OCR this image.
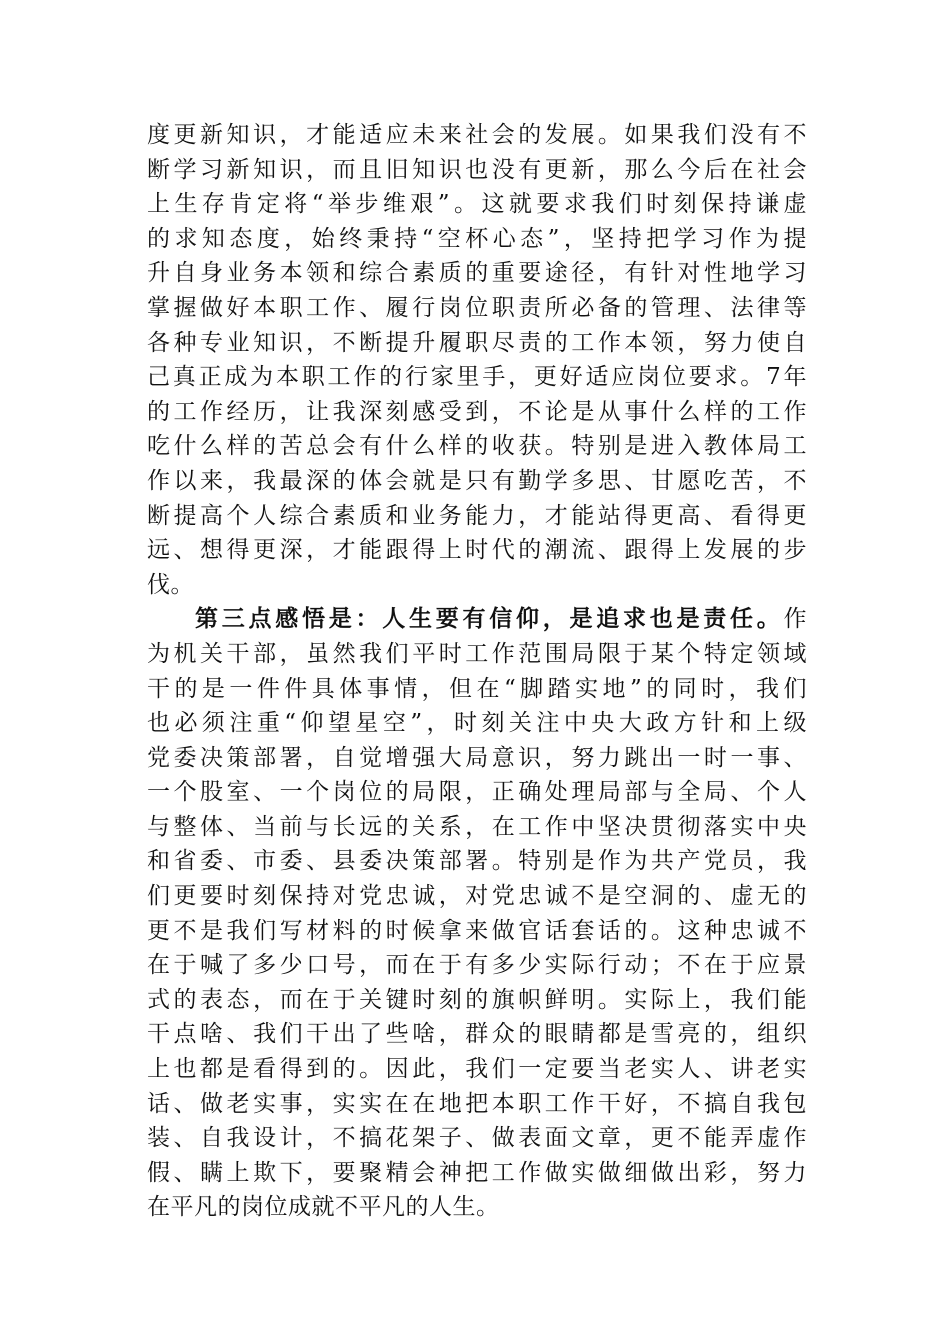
度更新知识，才能适应未来社会的发展。如果我们没有不
断学习新知识，而且旧知识也没有更新，那么今后在社会
上生存肯定将“举步维艰”。这就要求我们时刻保持谦虚
的求知态度，始终秉持“空杯心态”，坚持把学习作为提
升自身业务本领和综合素质的重要途径，有针对性地学习
掌握做好本职工作、履行岗位职责所必备的管理、法律等
各种专业知识，不断提升履职尽责的工作本领，努力使自
己真正成为本职工作的行家里手，更好适应岗位要求。7年
的工作经历，让我深刻感受到，不论是从事什么样的工作
吃什么样的苦总会有什么样的收获。特别是进入教体局工
作以来，我最深的体会就是只有勤学多思、甘愿吃苦，不
断提高个人综合素质和业务能力，才能站得更高、看得更
远、想得更深，才能跟得上时代的潮流、跟得上发展的步
伐。
第三点感悟是：人生要有信仰，是追求也是责任。作
为机关干部，虽然我们平时工作范围局限于某个特定领域
干的是一件件具体事情，但在“脚踏实地”的同时，我们
也必须注重“仰望星空”，时刻关注中央大政方针和上级
党委决策部署，自觉增强大局意识，努力跳出一时一事、
一个股室、一个岗位的局限，正确处理局部与全局、个人
与整体、当前与长远的关系，在工作中坚决贯彻落实中央
和省委、市委、县委决策部署。特别是作为共产党员，我
们更要时刻保持对党忠诚，对党忠诚不是空洞的、虚无的
更不是我们写材料的时候拿来做官话套话的。这种忠诚不
在于喊了多少口号，而在于有多少实际行动；不在于应景
式的表态，而在于关键时刻的旗帜鲜明。实际上，我们能
干点啥、我们干出了些啥，群众的眼睛都是雪亮的，组织
上也都是看得到的。因此，我们一定要当老实人、讲老实
话、做老实事，实实在在地把本职工作干好，不搞自我包
装、自我设计，不搞花架子、做表面文章，更不能弄虚作
假、瞒上欺下，要聚精会神把工作做实做细做出彩，努力
在平凡的岗位成就不平凡的人生。
